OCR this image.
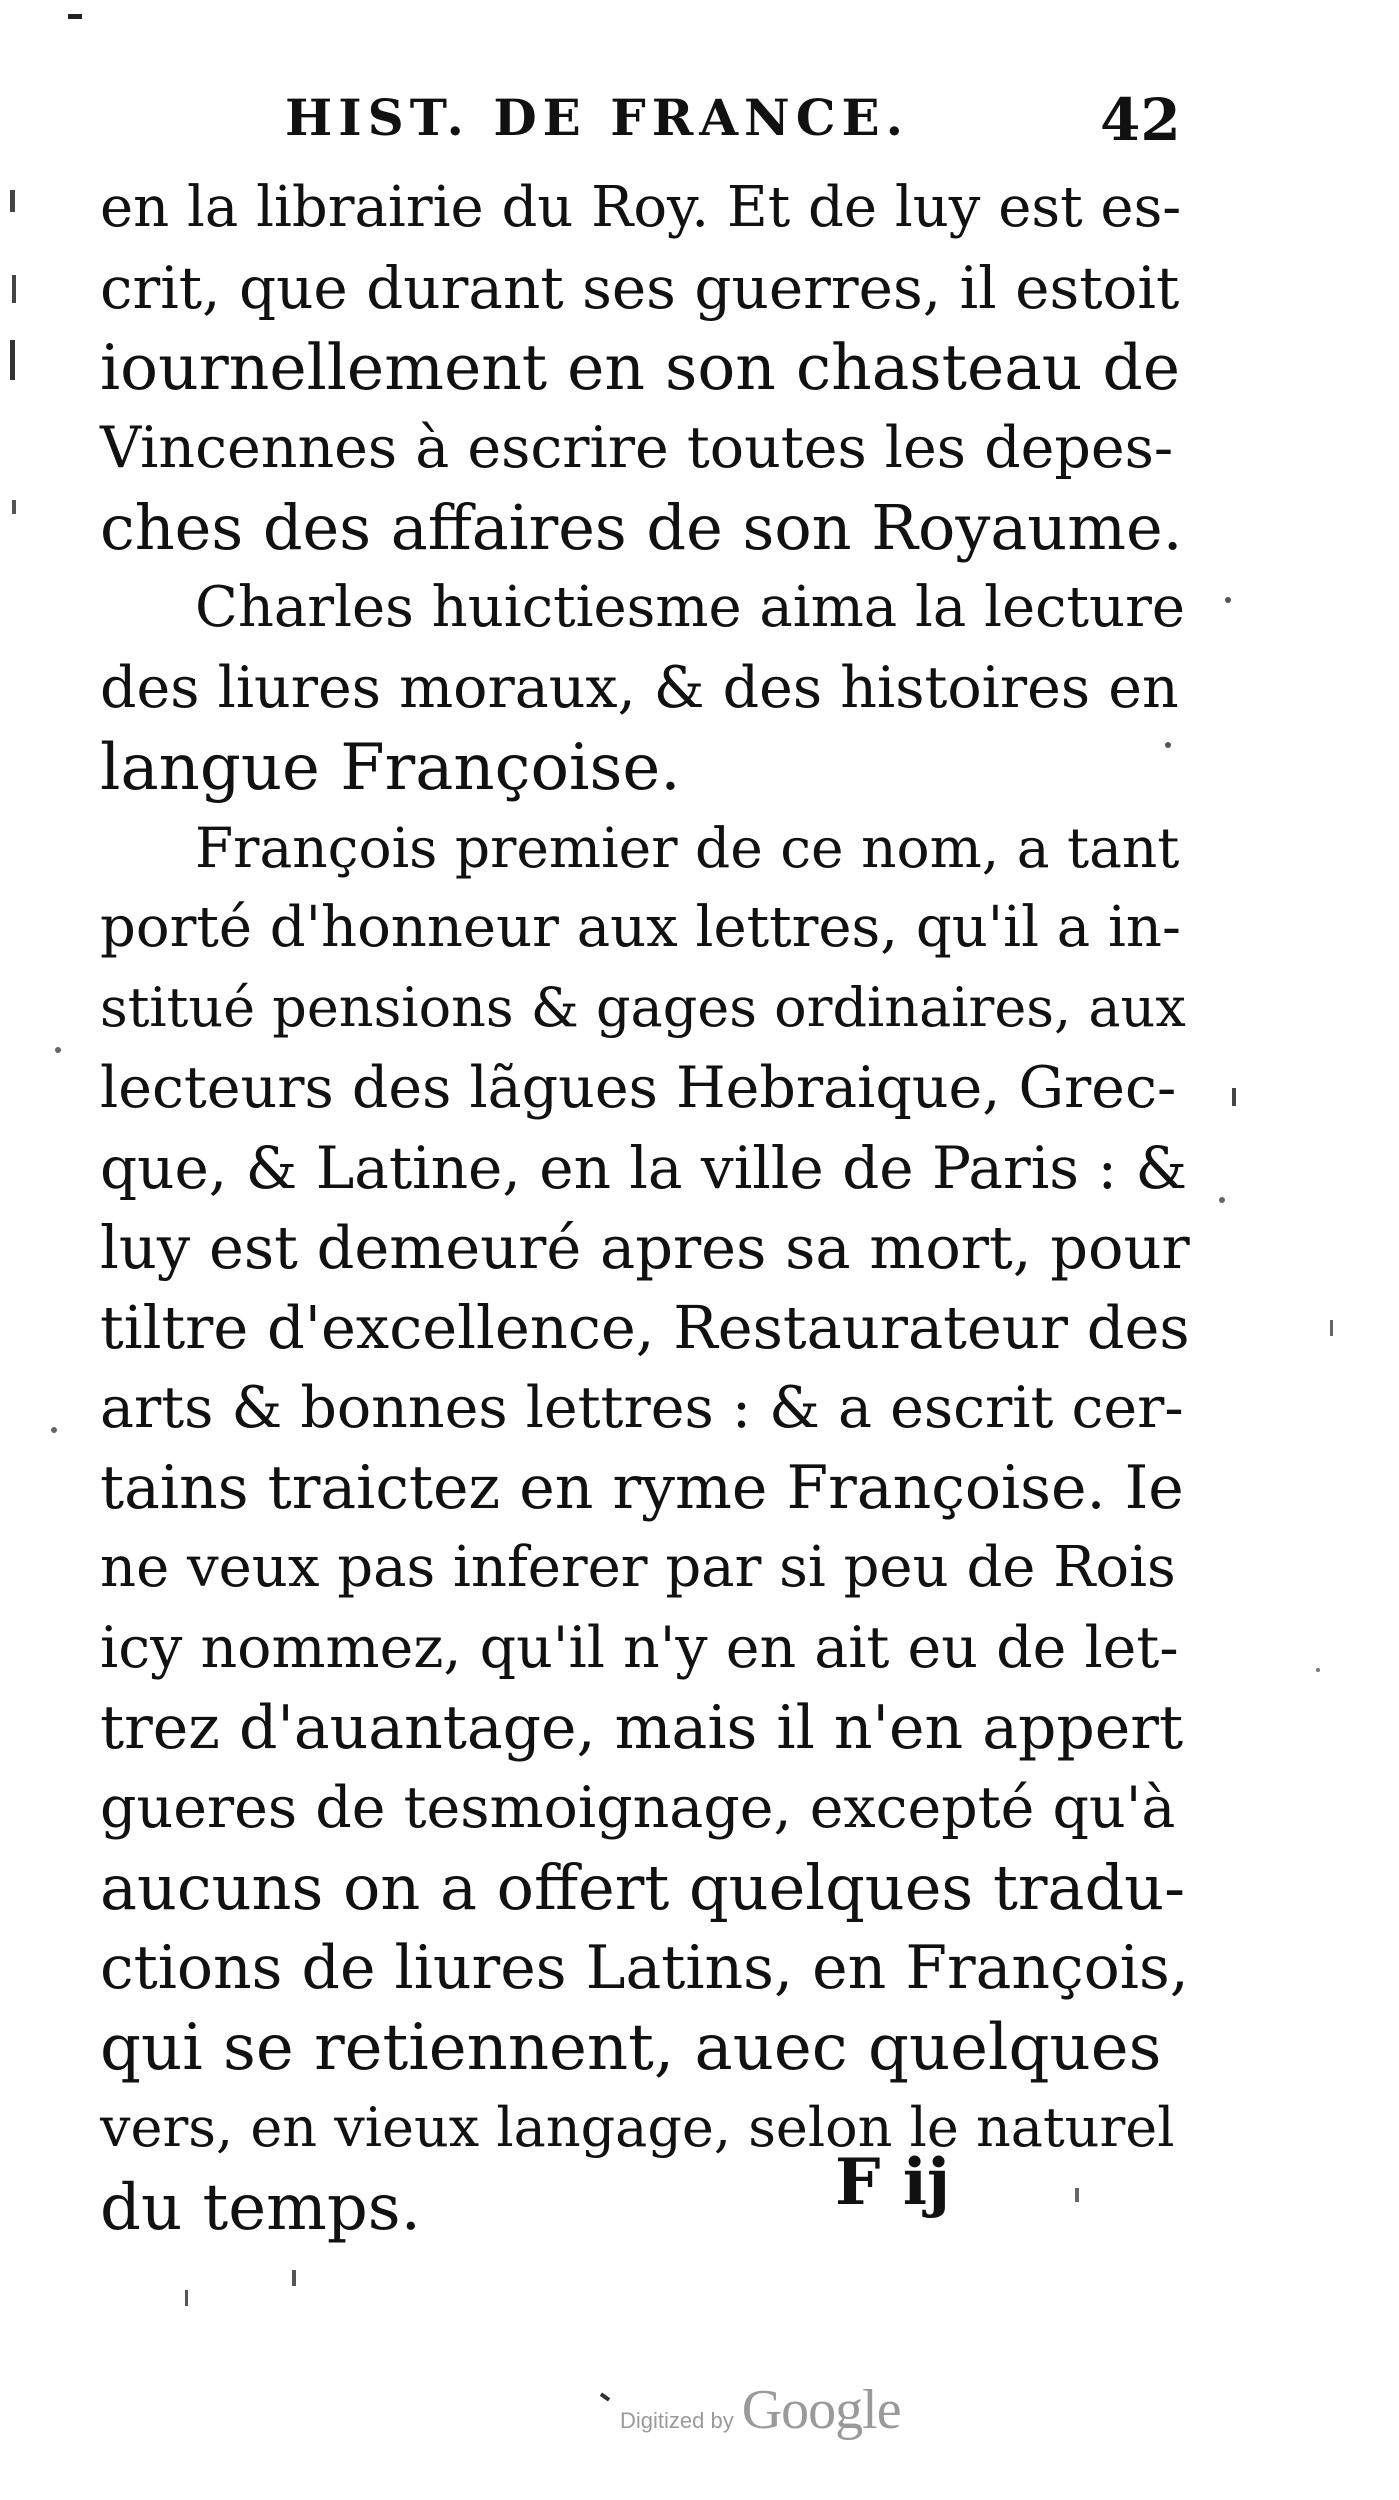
HIST. DE FRANCE.	42
en la librairie du Roy. Et de luy est es-
crit, que durant ses guerres, il estoit
iournellement en son chasteau de
Vincennes à escrire toutes les depes-
ches des affaires de son Royaume.
Charles huictiesme aima la lecture
des liures moraux, & des histoires en
langue Françoise.
François premier de ce nom, a tant
porté d'honneur aux lettres, qu'il a in-
stitué pensions & gages ordinaires, aux
lecteurs des lãgues Hebraique, Grec-
que, & Latine, en la ville de Paris : &
luy est demeuré apres sa mort, pour
tiltre d'excellence, Restaurateur des
arts & bonnes lettres : & a escrit cer-
tains traictez en ryme Françoise. Ie
ne veux pas inferer par si peu de Rois
icy nommez, qu'il n'y en ait eu de let-
trez d'auantage, mais il n'en appert
gueres de tesmoignage, excepté qu'à
aucuns on a offert quelques tradu-
ctions de liures Latins, en François,
qui se retiennent, auec quelques
vers, en vieux langage, selon le naturel
du temps.	F ij
Digitized by Google
